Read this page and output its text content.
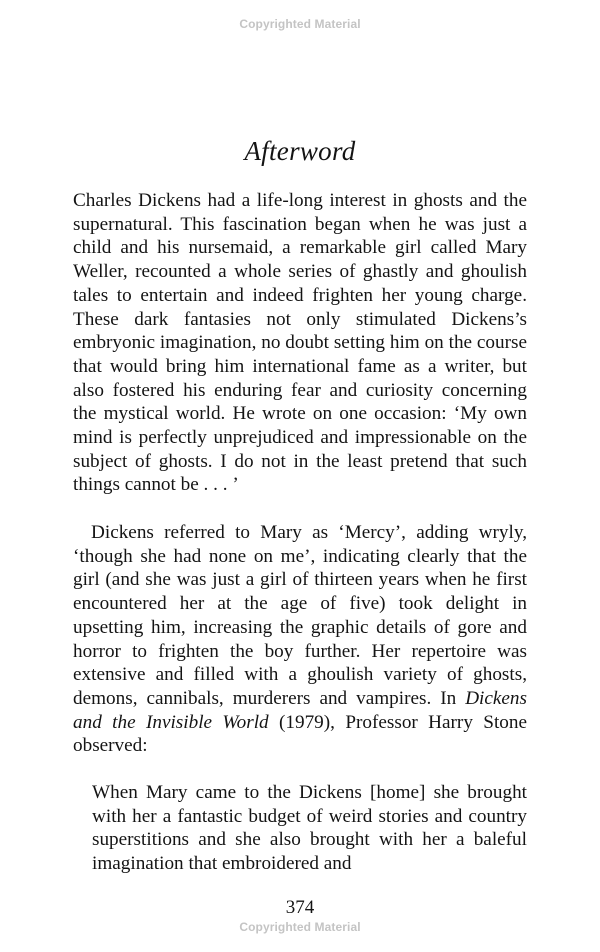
Copyrighted Material
Afterword

Charles Dickens had a life-long interest in ghosts and the supernatural. This fascination began when he was just a child and his nursemaid, a remarkable girl called Mary Weller, recounted a whole series of ghastly and ghoulish tales to entertain and indeed frighten her young charge. These dark fantasies not only stimulated Dickens’s embryonic imagination, no doubt setting him on the course that would bring him international fame as a writer, but also fostered his enduring fear and curiosity concerning the mystical world. He wrote on one occasion: ‘My own mind is perfectly unprejudiced and impressionable on the subject of ghosts. I do not in the least pretend that such things cannot be . . . ’

Dickens referred to Mary as ‘Mercy’, adding wryly, ‘though she had none on me’, indicating clearly that the girl (and she was just a girl of thirteen years when he first encountered her at the age of five) took delight in upsetting him, increasing the graphic details of gore and horror to frighten the boy further. Her repertoire was extensive and filled with a ghoulish variety of ghosts, demons, cannibals, murderers and vampires. In Dickens and the Invisible World (1979), Professor Harry Stone observed:

When Mary came to the Dickens [home] she brought with her a fantastic budget of weird stories and country superstitions and she also brought with her a baleful imagination that embroidered and

374
Copyrighted Material
